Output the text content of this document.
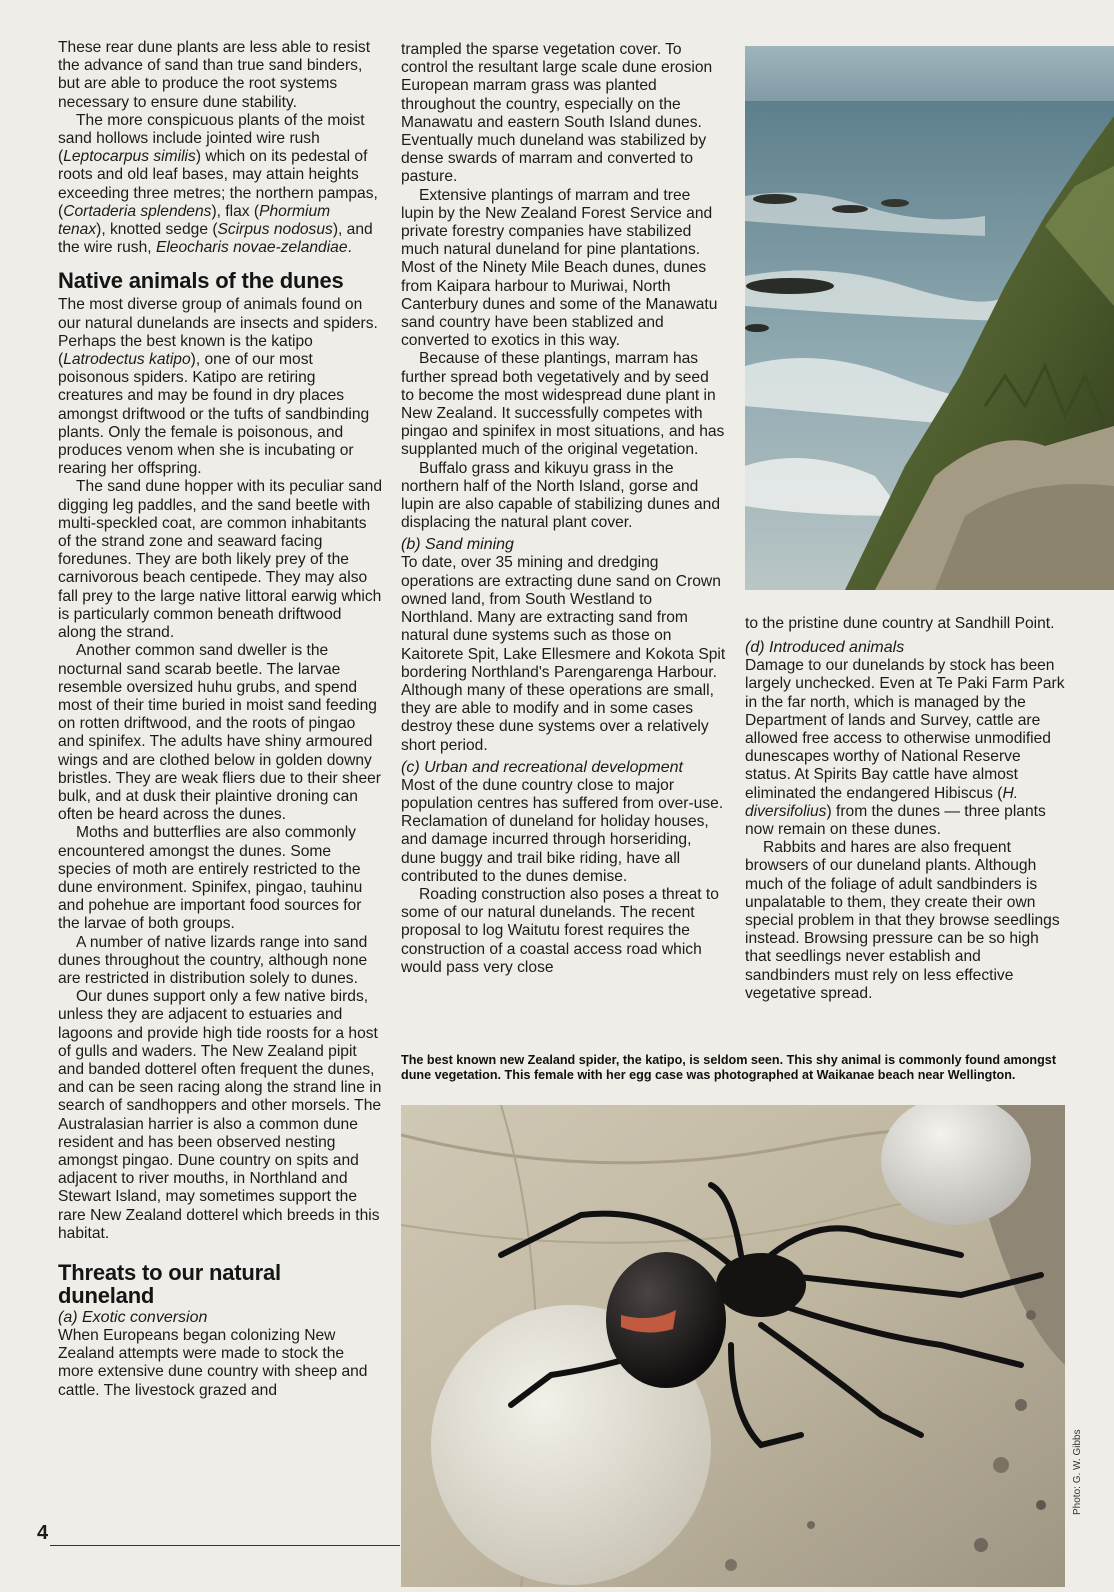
These rear dune plants are less able to resist the advance of sand than true sand binders, but are able to produce the root systems necessary to ensure dune stability.

The more conspicuous plants of the moist sand hollows include jointed wire rush (Leptocarpus similis) which on its pedestal of roots and old leaf bases, may attain heights exceeding three metres; the northern pampas, (Cortaderia splendens), flax (Phormium tenax), knotted sedge (Scirpus nodosus), and the wire rush, Eleocharis novae-zelandiae.

Native animals of the dunes

The most diverse group of animals found on our natural dunelands are insects and spiders. Perhaps the best known is the katipo (Latrodectus katipo), one of our most poisonous spiders. Katipo are retiring creatures and may be found in dry places amongst driftwood or the tufts of sandbinding plants. Only the female is poisonous, and produces venom when she is incubating or rearing her offspring.

The sand dune hopper with its peculiar sand digging leg paddles, and the sand beetle with multi-speckled coat, are common inhabitants of the strand zone and seaward facing foredunes. They are both likely prey of the carnivorous beach centipede. They may also fall prey to the large native littoral earwig which is particularly common beneath driftwood along the strand.

Another common sand dweller is the nocturnal sand scarab beetle. The larvae resemble oversized huhu grubs, and spend most of their time buried in moist sand feeding on rotten driftwood, and the roots of pingao and spinifex. The adults have shiny armoured wings and are clothed below in golden downy bristles. They are weak fliers due to their sheer bulk, and at dusk their plaintive droning can often be heard across the dunes.

Moths and butterflies are also commonly encountered amongst the dunes. Some species of moth are entirely restricted to the dune environment. Spinifex, pingao, tauhinu and pohehue are important food sources for the larvae of both groups.

A number of native lizards range into sand dunes throughout the country, although none are restricted in distribution solely to dunes.

Our dunes support only a few native birds, unless they are adjacent to estuaries and lagoons and provide high tide roosts for a host of gulls and waders. The New Zealand pipit and banded dotterel often frequent the dunes, and can be seen racing along the strand line in search of sandhoppers and other morsels. The Australasian harrier is also a common dune resident and has been observed nesting amongst pingao. Dune country on spits and adjacent to river mouths, in Northland and Stewart Island, may sometimes support the rare New Zealand dotterel which breeds in this habitat.

Threats to our natural duneland
(a) Exotic conversion

When Europeans began colonizing New Zealand attempts were made to stock the more extensive dune country with sheep and cattle. The livestock grazed and

trampled the sparse vegetation cover. To control the resultant large scale dune erosion European marram grass was planted throughout the country, especially on the Manawatu and eastern South Island dunes. Eventually much duneland was stabilized by dense swards of marram and converted to pasture.

Extensive plantings of marram and tree lupin by the New Zealand Forest Service and private forestry companies have stabilized much natural duneland for pine plantations. Most of the Ninety Mile Beach dunes, dunes from Kaipara harbour to Muriwai, North Canterbury dunes and some of the Manawatu sand country have been stablized and converted to exotics in this way.

Because of these plantings, marram has further spread both vegetatively and by seed to become the most widespread dune plant in New Zealand. It successfully competes with pingao and spinifex in most situations, and has supplanted much of the original vegetation.

Buffalo grass and kikuyu grass in the northern half of the North Island, gorse and lupin are also capable of stabilizing dunes and displacing the natural plant cover.

(b) Sand mining

To date, over 35 mining and dredging operations are extracting dune sand on Crown owned land, from South Westland to Northland. Many are extracting sand from natural dune systems such as those on Kaitorete Spit, Lake Ellesmere and Kokota Spit bordering Northland's Parengarenga Harbour. Although many of these operations are small, they are able to modify and in some cases destroy these dune systems over a relatively short period.

(c) Urban and recreational development

Most of the dune country close to major population centres has suffered from over-use. Reclamation of duneland for holiday houses, and damage incurred through horseriding, dune buggy and trail bike riding, have all contributed to the dunes demise.

Roading construction also poses a threat to some of our natural dunelands. The recent proposal to log Waitutu forest requires the construction of a coastal access road which would pass very close

to the pristine dune country at Sandhill Point.

(d) Introduced animals

Damage to our dunelands by stock has been largely unchecked. Even at Te Paki Farm Park in the far north, which is managed by the Department of lands and Survey, cattle are allowed free access to otherwise unmodified dunescapes worthy of National Reserve status. At Spirits Bay cattle have almost eliminated the endangered Hibiscus (H. diversifolius) from the dunes — three plants now remain on these dunes.

Rabbits and hares are also frequent browsers of our duneland plants. Although much of the foliage of adult sandbinders is unpalatable to them, they create their own special problem in that they browse seedlings instead. Browsing pressure can be so high that seedlings never establish and sandbinders must rely on less effective vegetative spread.

The best known new Zealand spider, the katipo, is seldom seen. This shy animal is commonly found amongst dune vegetation. This female with her egg case was photographed at Waikanae beach near Wellington.
Photo: G. W. Gibbs
4
